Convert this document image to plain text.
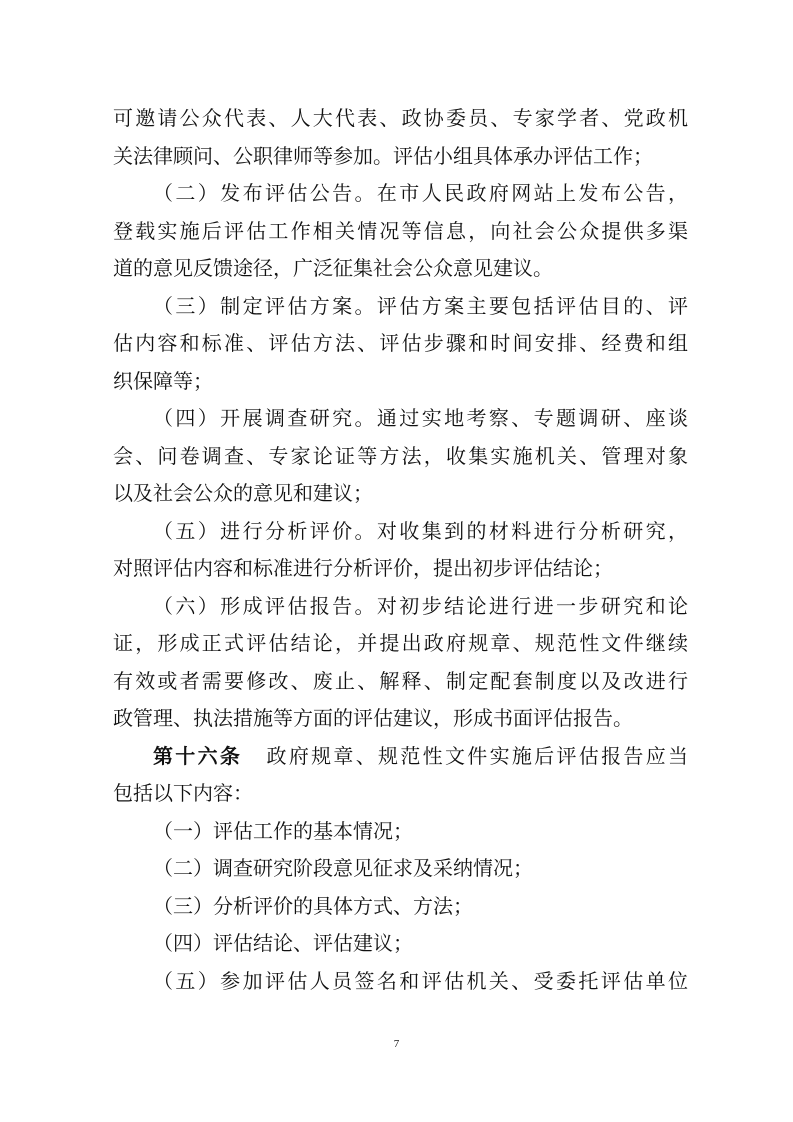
可邀请公众代表、人大代表、政协委员、专家学者、党政机
关法律顾问、公职律师等参加。评估小组具体承办评估工作；
（二）发布评估公告。在市人民政府网站上发布公告，
登载实施后评估工作相关情况等信息，向社会公众提供多渠
道的意见反馈途径，广泛征集社会公众意见建议。
（三）制定评估方案。评估方案主要包括评估目的、评
估内容和标准、评估方法、评估步骤和时间安排、经费和组
织保障等；
（四）开展调查研究。通过实地考察、专题调研、座谈
会、问卷调查、专家论证等方法，收集实施机关、管理对象
以及社会公众的意见和建议；
（五）进行分析评价。对收集到的材料进行分析研究，
对照评估内容和标准进行分析评价，提出初步评估结论；
（六）形成评估报告。对初步结论进行进一步研究和论
证，形成正式评估结论，并提出政府规章、规范性文件继续
有效或者需要修改、废止、解释、制定配套制度以及改进行
政管理、执法措施等方面的评估建议，形成书面评估报告。
第十六条 政府规章、规范性文件实施后评估报告应当
包括以下内容：
（一）评估工作的基本情况；
（二）调查研究阶段意见征求及采纳情况；
（三）分析评价的具体方式、方法；
（四）评估结论、评估建议；
（五）参加评估人员签名和评估机关、受委托评估单位
7
